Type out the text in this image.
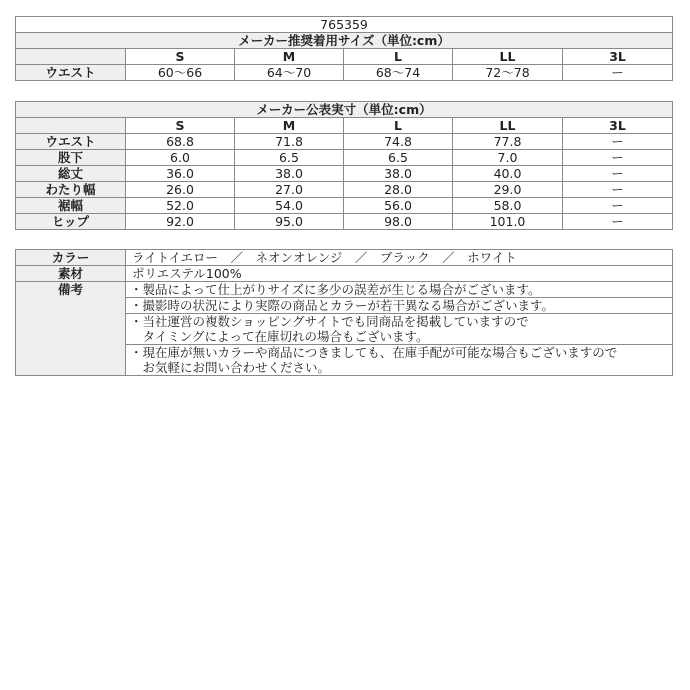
765359					
メーカー推奨着用サイズ（単位:cm）					
	S	M	L	LL	3L
ウエスト	60〜66	64〜70	68〜74	72〜78	ー
メーカー公表実寸（単位:cm）					
	S	M	L	LL	3L
ウエスト	68.8	71.8	74.8	77.8	ー
股下	6.0	6.5	6.5	7.0	ー
総丈	36.0	38.0	38.0	40.0	ー
わたり幅	26.0	27.0	28.0	29.0	ー
裾幅	52.0	54.0	56.0	58.0	ー
ヒップ	92.0	95.0	98.0	101.0	ー
カラー	ライトイエロー　／　ネオンオレンジ　／　ブラック　／　ホワイト
素材	ポリエステル100%
備考	・製品によって仕上がりサイズに多少の誤差が生じる場合がございます。

	・撮影時の状況により実際の商品とカラーが若干異なる場合がございます。

	・当社運営の複数ショッピングサイトでも同商品を掲載していますので
　タイミングによって在庫切れの場合もございます。

	・現在庫が無いカラーや商品につきましても、在庫手配が可能な場合もございますので
　お気軽にお問い合わせください。
